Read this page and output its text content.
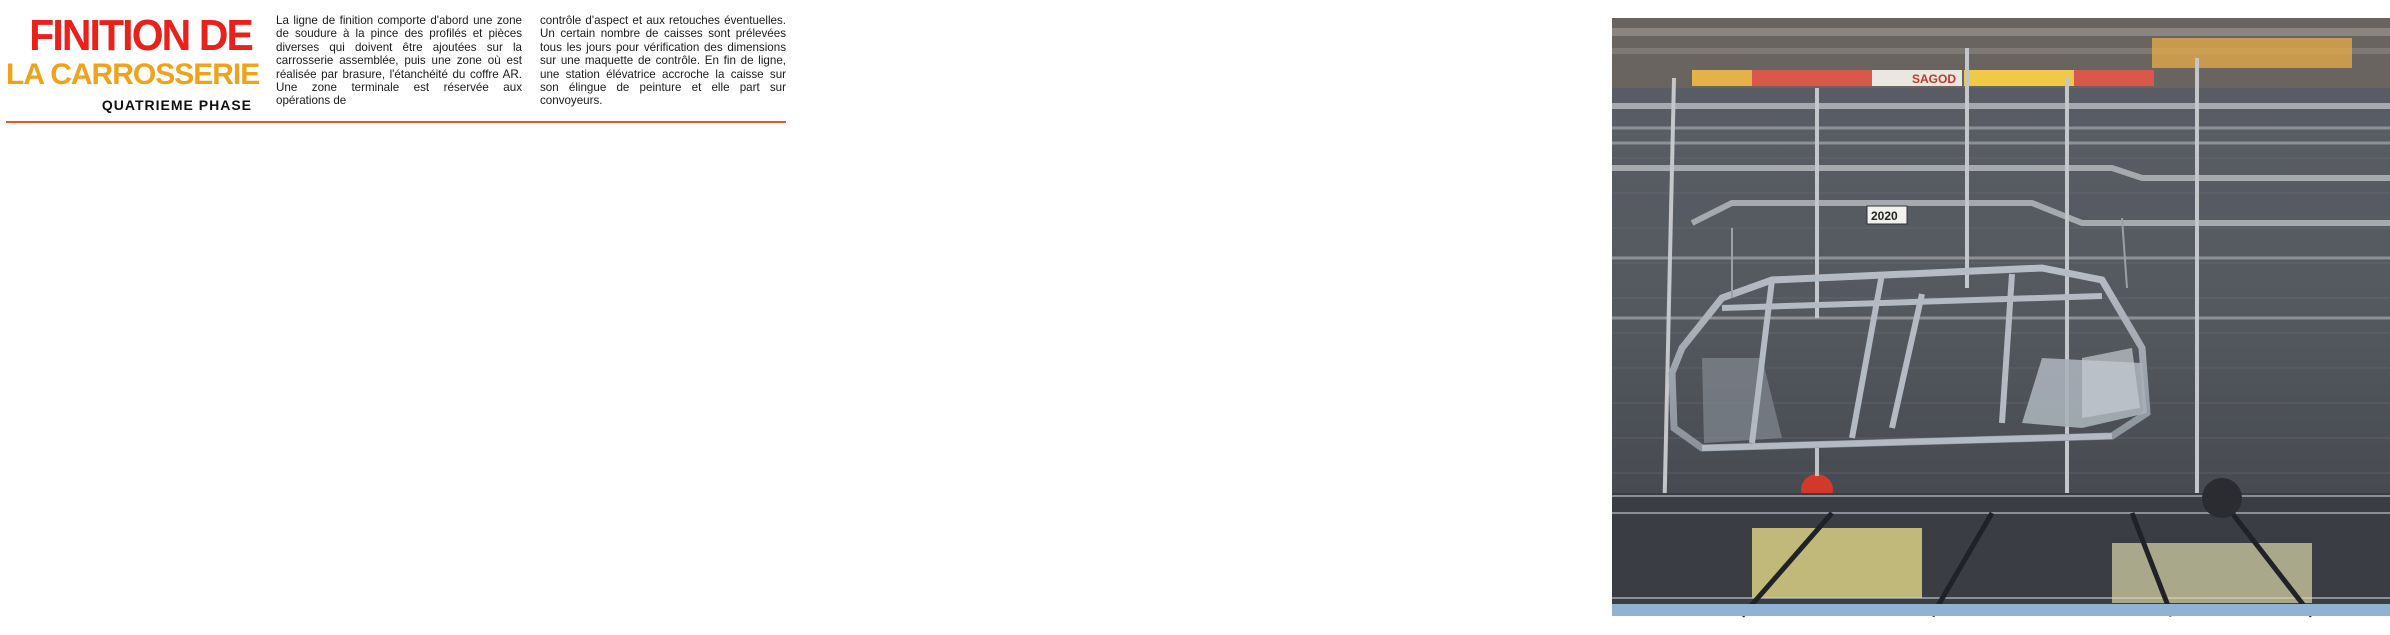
FINITION DE
LA CARROSSERIE
QUATRIEME PHASE
La ligne de finition comporte d'abord une zone de soudure à la pince des profilés et pièces diverses qui doivent être ajoutées sur la carrosserie assemblée, puis une zone où est réalisée par brasure, l'étanchéité du coffre AR. Une zone terminale est réservée aux opérations de
contrôle d'aspect et aux retouches éventuelles. Un certain nombre de caisses sont prélevées tous les jours pour vérification des dimensions sur une maquette de contrôle. En fin de ligne, une station élévatrice accroche la caisse sur son élingue de peinture et elle part sur convoyeurs.
SAGOD
2020
